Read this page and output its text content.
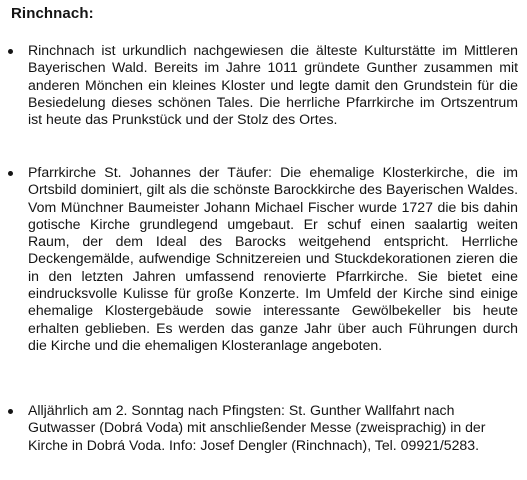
Rinchnach:

Rinchnach ist urkundlich nachgewiesen die älteste Kulturstätte im Mittleren Bayerischen Wald. Bereits im Jahre 1011 gründete Gunther zusammen mit anderen Mönchen ein kleines Kloster und legte damit den Grundstein für die Besiedelung dieses schönen Tales. Die herrliche Pfarrkirche im Ortszentrum ist heute das Prunkstück und der Stolz des Ortes.

Pfarrkirche St. Johannes der Täufer: Die ehemalige Klosterkirche, die im Ortsbild dominiert, gilt als die schönste Barockkirche des Bayerischen Waldes. Vom Münchner Baumeister Johann Michael Fischer wurde 1727 die bis dahin gotische Kirche grundlegend umgebaut. Er schuf einen saalartig weiten Raum, der dem Ideal des Barocks weitgehend entspricht. Herrliche Deckengemälde, aufwendige Schnitzereien und Stuckdekorationen zieren die in den letzten Jahren umfassend renovierte Pfarrkirche. Sie bietet eine eindrucksvolle Kulisse für große Konzerte. Im Umfeld der Kirche sind einige ehemalige Klostergebäude sowie interessante Gewölbekeller bis heute erhalten geblieben. Es werden das ganze Jahr über auch Führungen durch die Kirche und die ehemaligen Klosteranlage angeboten.

Alljährlich am 2. Sonntag nach Pfingsten: St. Gunther Wallfahrt nach Gutwasser (Dobrá Voda) mit anschließender Messe (zweisprachig) in der Kirche in Dobrá Voda. Info: Josef Dengler (Rinchnach), Tel. 09921/5283.
